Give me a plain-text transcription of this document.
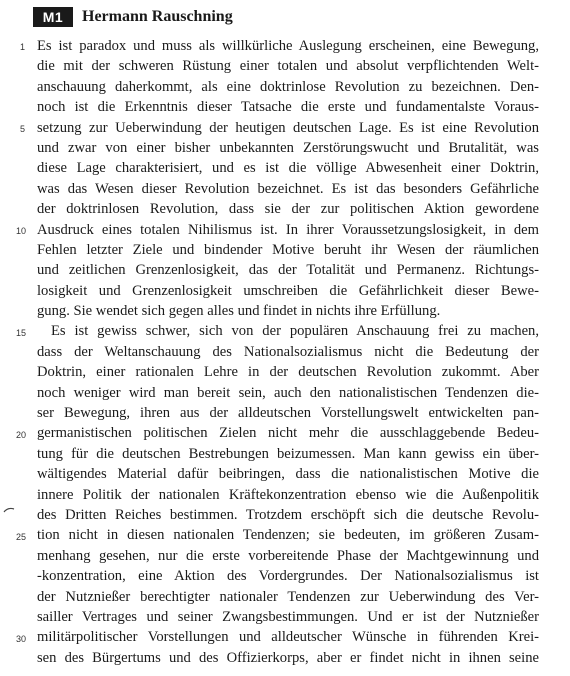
M1	Hermann Rauschning
1
5
10
15
20
25
30
Es ist paradox und muss als willkürliche Auslegung erscheinen, eine Bewegung,
die mit der schweren Rüstung einer totalen und absolut verpflichtenden Welt-
anschauung daherkommt, als eine doktrinlose Revolution zu bezeichnen. Den-
noch ist die Erkenntnis dieser Tatsache die erste und fundamentalste Voraus-
setzung zur Ueberwindung der heutigen deutschen Lage. Es ist eine Revolution
und zwar von einer bisher unbekannten Zerstörungswucht und Brutalität, was
diese Lage charakterisiert, und es ist die völlige Abwesenheit einer Doktrin,
was das Wesen dieser Revolution bezeichnet. Es ist das besonders Gefährliche
der doktrinlosen Revolution, dass sie der zur politischen Aktion gewordene
Ausdruck eines totalen Nihilismus ist. In ihrer Voraussetzungslosigkeit, in dem
Fehlen letzter Ziele und bindender Motive beruht ihr Wesen der räumlichen
und zeitlichen Grenzenlosigkeit, das der Totalität und Permanenz. Richtungs-
losigkeit und Grenzenlosigkeit umschreiben die Gefährlichkeit dieser Bewe-
gung. Sie wendet sich gegen alles und findet in nichts ihre Erfüllung.
Es ist gewiss schwer, sich von der populären Anschauung frei zu machen,
dass der Weltanschauung des Nationalsozialismus nicht die Bedeutung der
Doktrin, einer rationalen Lehre in der deutschen Revolution zukommt. Aber
noch weniger wird man bereit sein, auch den nationalistischen Tendenzen die-
ser Bewegung, ihren aus der alldeutschen Vorstellungswelt entwickelten pan-
germanistischen politischen Zielen nicht mehr die ausschlaggebende Bedeu-
tung für die deutschen Bestrebungen beizumessen. Man kann gewiss ein über-
wältigendes Material dafür beibringen, dass die nationalistischen Motive die
innere Politik der nationalen Kräftekonzentration ebenso wie die Außenpolitik
des Dritten Reiches bestimmen. Trotzdem erschöpft sich die deutsche Revolu-
tion nicht in diesen nationalen Tendenzen; sie bedeuten, im größeren Zusam-
menhang gesehen, nur die erste vorbereitende Phase der Machtgewinnung und
-konzentration, eine Aktion des Vordergrundes. Der Nationalsozialismus ist
der Nutznießer berechtigter nationaler Tendenzen zur Ueberwindung des Ver-
sailler Vertrages und seiner Zwangsbestimmungen. Und er ist der Nutznießer
militärpolitischer Vorstellungen und alldeutscher Wünsche in führenden Krei-
sen des Bürgertums und des Offizierkorps, aber er findet nicht in ihnen seine
